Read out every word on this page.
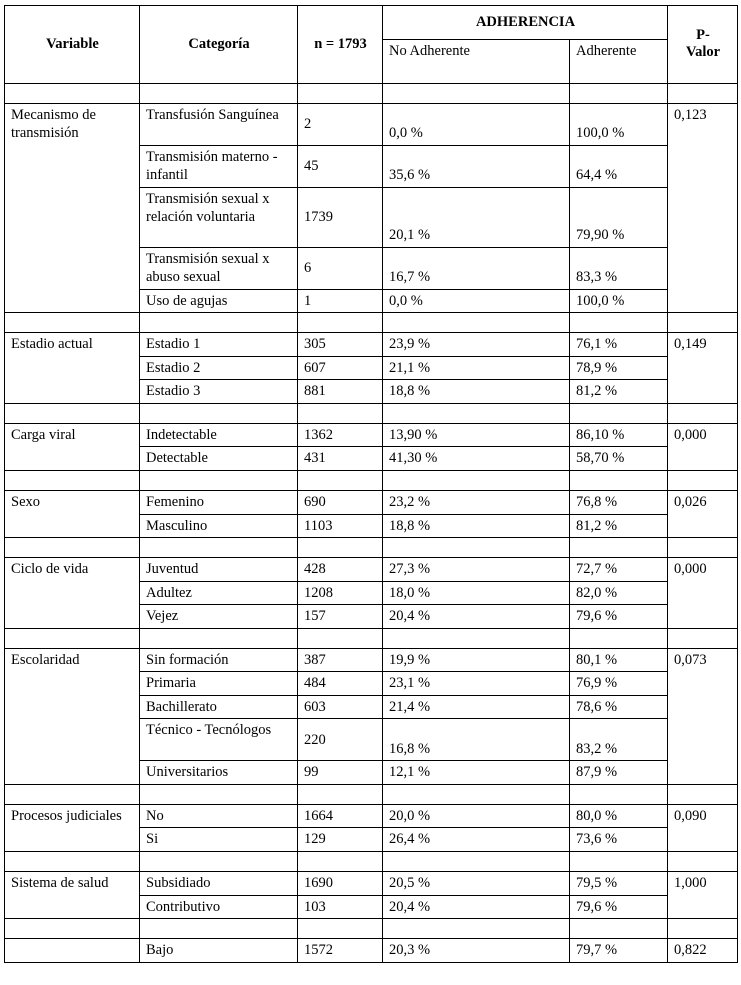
Variable	Categoría	n = 1793	ADHERENCIA		P-
Valor
			No Adherente	Adherente	

Mecanismo de transmisión	Transfusión Sanguínea	2	0,0 %	100,0 %	0,123
	Transmisión materno - infantil	45	35,6 %	64,4 %	
	Transmisión sexual x relación voluntaria	1739	20,1 %	79,90 %	
	Transmisión sexual x abuso sexual	6	16,7 %	83,3 %	
	Uso de agujas	1	0,0 %	100,0 %	

Estadio actual	Estadio 1	305	23,9 %	76,1 %	0,149
	Estadio 2	607	21,1 %	78,9 %	
	Estadio 3	881	18,8 %	81,2 %	

Carga viral	Indetectable	1362	13,90 %	86,10 %	0,000
	Detectable	431	41,30 %	58,70 %	

Sexo	Femenino	690	23,2 %	76,8 %	0,026
	Masculino	1103	18,8 %	81,2 %	

Ciclo de vida	Juventud	428	27,3 %	72,7 %	0,000
	Adultez	1208	18,0 %	82,0 %	
	Vejez	157	20,4 %	79,6 %	

Escolaridad	Sin formación	387	19,9 %	80,1 %	0,073
	Primaria	484	23,1 %	76,9 %	
	Bachillerato	603	21,4 %	78,6 %	
	Técnico - Tecnólogos	220	16,8 %	83,2 %	
	Universitarios	99	12,1 %	87,9 %	

Procesos judiciales	No	1664	20,0 %	80,0 %	0,090
	Si	129	26,4 %	73,6 %	

Sistema de salud	Subsidiado	1690	20,5 %	79,5 %	1,000
	Contributivo	103	20,4 %	79,6 %	

	Bajo	1572	20,3 %	79,7 %	0,822
